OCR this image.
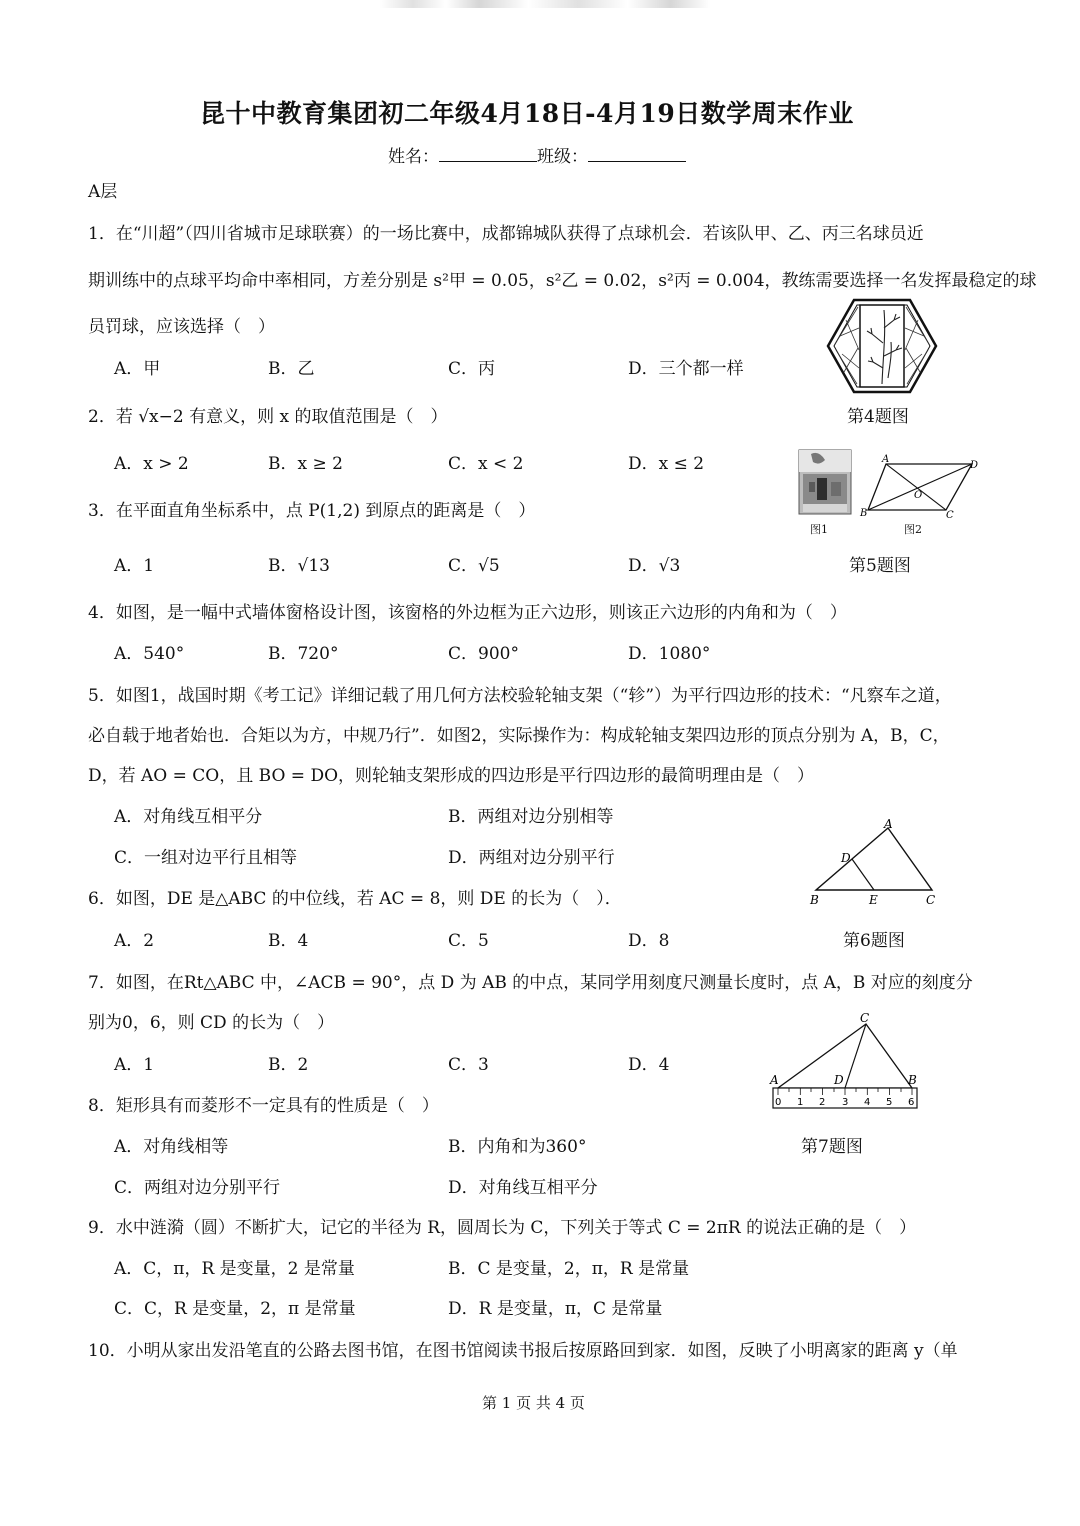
昆十中教育集团初二年级4月18日-4月19日数学周末作业
姓名：	班级：
A层
1．在“川超”（四川省城市足球联赛）的一场比赛中，成都锦城队获得了点球机会．若该队甲、乙、丙三名球员近
期训练中的点球平均命中率相同，方差分别是 s²甲 = 0.05，s²乙 = 0.02，s²丙 = 0.004，教练需要选择一名发挥最稳定的球
员罚球，应该选择（　）
A．甲	B．乙	C．丙	D．三个都一样
2．若 √x−2 有意义，则 x 的取值范围是（　）
A．x > 2	B．x ≥ 2	C．x < 2	D．x ≤ 2
3．在平面直角坐标系中，点 P(1,2) 到原点的距离是（　）
A．1	B．√13	C．√5	D．√3
4．如图，是一幅中式墙体窗格设计图，该窗格的外边框为正六边形，则该正六边形的内角和为（　）
A．540°	B．720°	C．900°	D．1080°
5．如图1，战国时期《考工记》详细记载了用几何方法校验轮轴支架（“轸”）为平行四边形的技术：“凡察车之道，
必自载于地者始也．合矩以为方，中规乃行”．如图2，实际操作为：构成轮轴支架四边形的顶点分别为 A，B，C，
D，若 AO = CO，且 BO = DO，则轮轴支架形成的四边形是平行四边形的最简明理由是（　）
A．对角线互相平分	B．两组对边分别相等
C．一组对边平行且相等	D．两组对边分别平行
6．如图，DE 是△ABC 的中位线，若 AC = 8，则 DE 的长为（　）．
A．2	B．4	C．5	D．8
7．如图，在Rt△ABC 中，∠ACB = 90°，点 D 为 AB 的中点，某同学用刻度尺测量长度时，点 A，B 对应的刻度分
别为0，6，则 CD 的长为（　）
A．1	B．2	C．3	D．4
8．矩形具有而菱形不一定具有的性质是（　）
A．对角线相等	B．内角和为360°
C．两组对边分别平行	D．对角线互相平分
9．水中涟漪（圆）不断扩大，记它的半径为 R，圆周长为 C，下列关于等式 C = 2πR 的说法正确的是（　）
A．C，π，R 是变量，2 是常量	B．C 是变量，2，π，R 是常量
C．C，R 是变量，2，π 是常量	D．R 是变量，π，C 是常量
10．小明从家出发沿笔直的公路去图书馆，在图书馆阅读书报后按原路回到家．如图，反映了小明离家的距离 y（单
第 1 页 共 4 页
第4题图
图1
A
D
O
B	C
图2
第5题图
A
D
B	E	C
第6题图
C
A	D	B
0 1 2 3 4 5 6
第7题图
